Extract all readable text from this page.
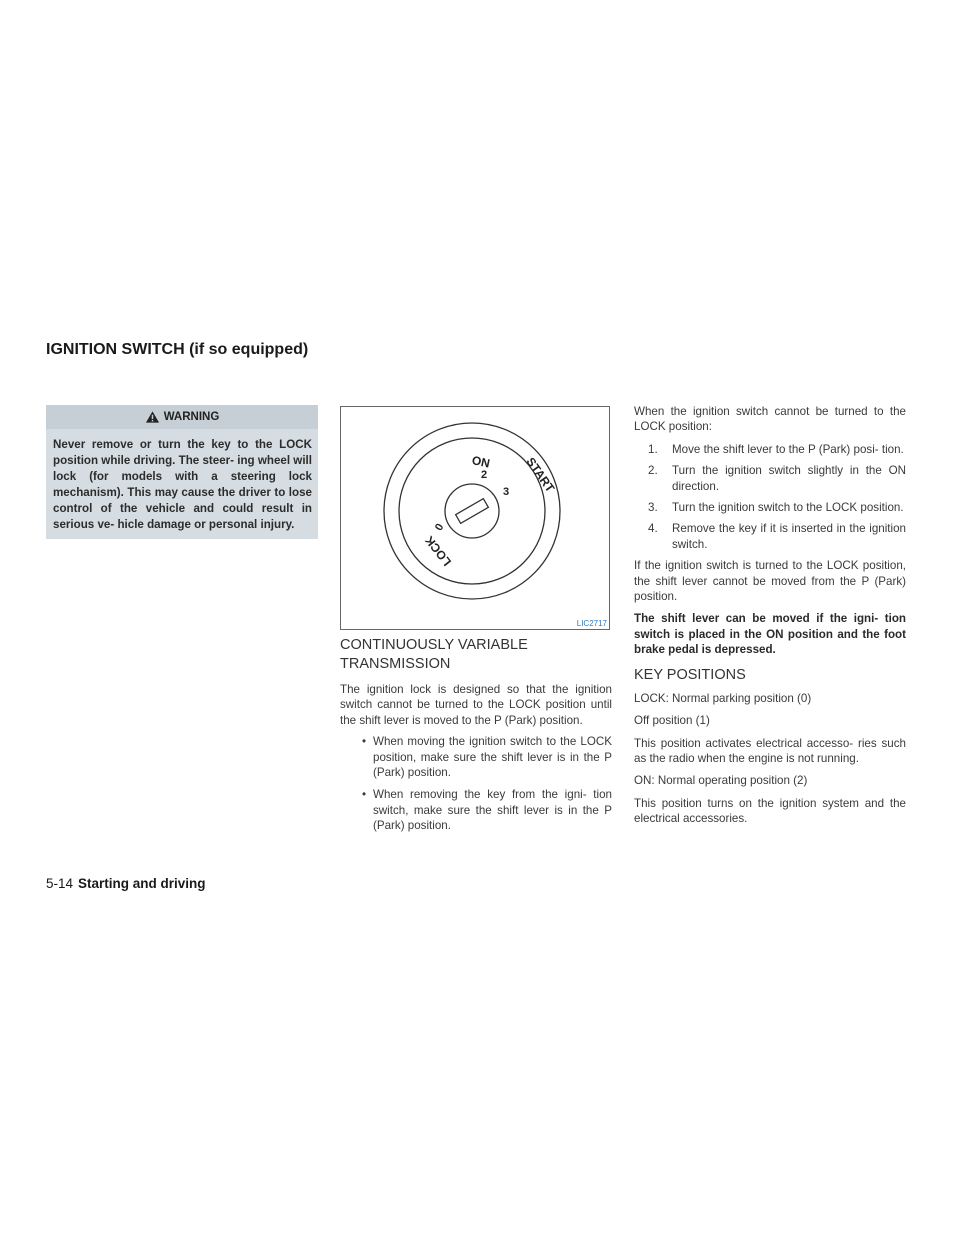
IGNITION SWITCH (if so equipped)
WARNING

Never remove or turn the key to the LOCK position while driving. The steer- ing wheel will lock (for models with a steering lock mechanism). This may cause the driver to lose control of the vehicle and could result in serious ve- hicle damage or personal injury.

ON
2	START
3
0
LOCK
LIC2717
CONTINUOUSLY VARIABLE TRANSMISSION

The ignition lock is designed so that the ignition switch cannot be turned to the LOCK position until the shift lever is moved to the P (Park) position.

• When moving the ignition switch to the LOCK position, make sure the shift lever is in the P (Park) position.
• When removing the key from the igni- tion switch, make sure the shift lever is in the P (Park) position.

When the ignition switch cannot be turned to the LOCK position:

1. Move the shift lever to the P (Park) posi- tion.
2. Turn the ignition switch slightly in the ON direction.
3. Turn the ignition switch to the LOCK position.
4. Remove the key if it is inserted in the ignition switch.

If the ignition switch is turned to the LOCK position, the shift lever cannot be moved from the P (Park) position.

The shift lever can be moved if the igni- tion switch is placed in the ON position and the foot brake pedal is depressed.

KEY POSITIONS

LOCK: Normal parking position (0)

Off position (1)

This position activates electrical accesso- ries such as the radio when the engine is not running.

ON: Normal operating position (2)

This position turns on the ignition system and the electrical accessories.

5-14 Starting and driving
